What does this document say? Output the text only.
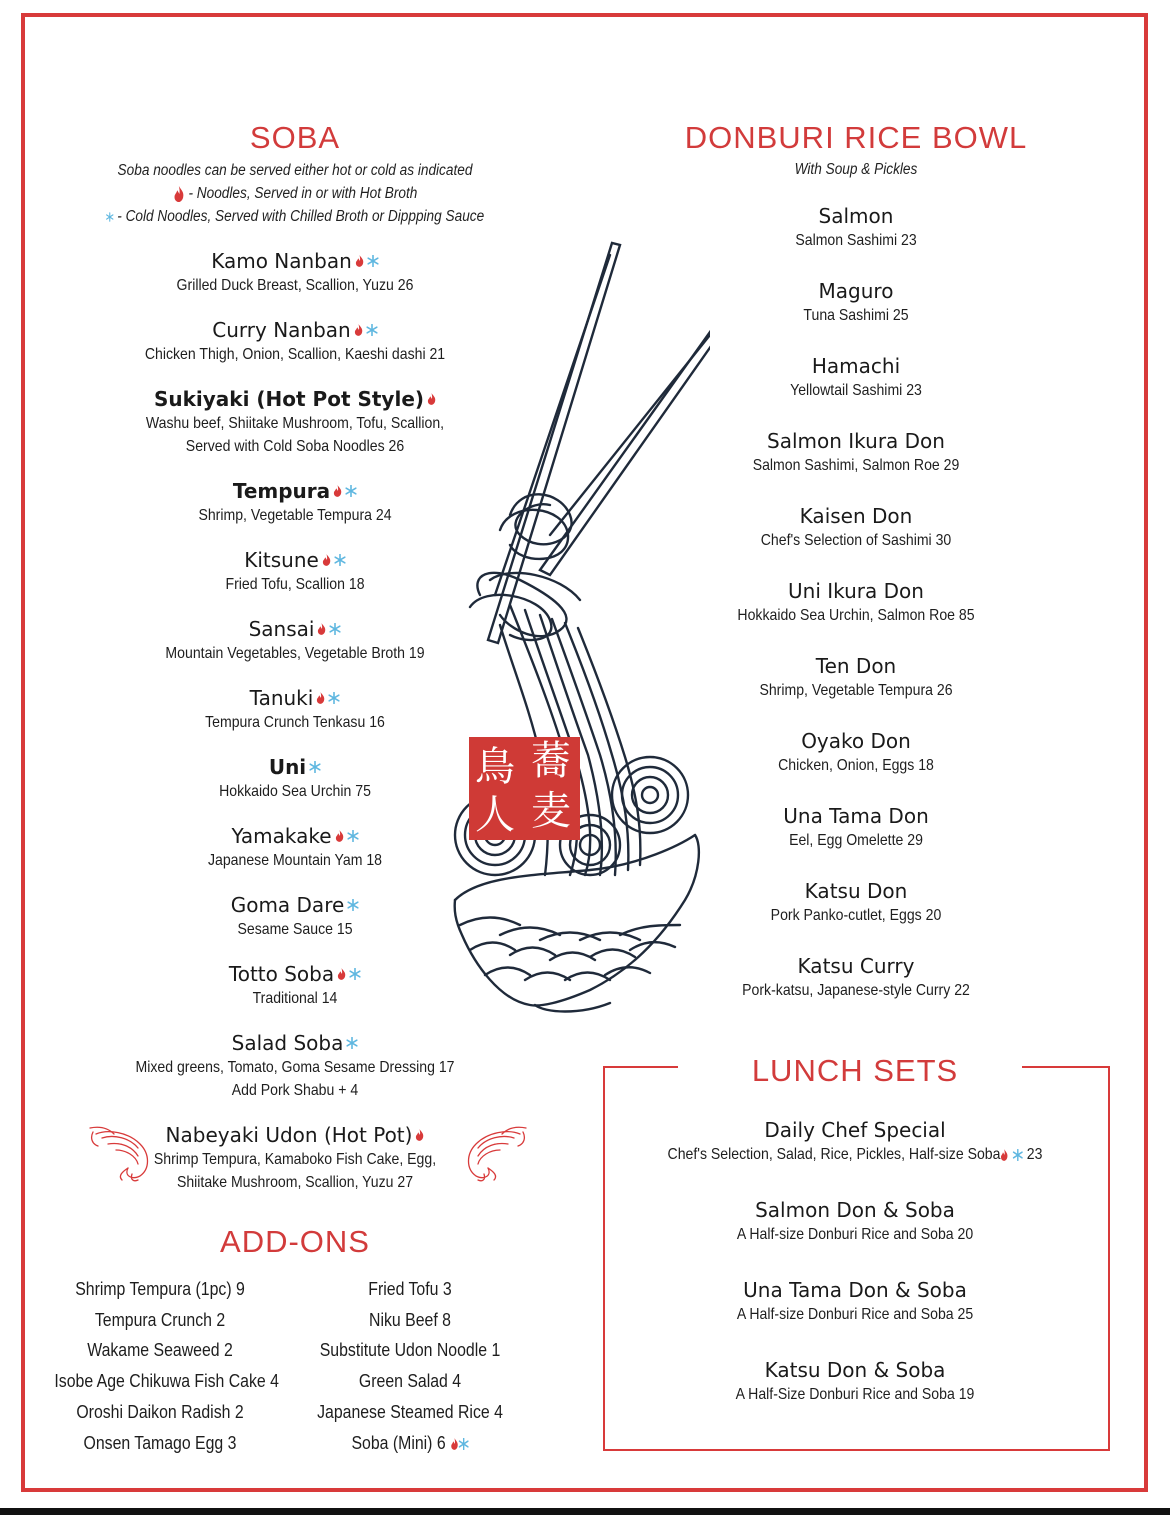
SOBA
Soba noodles can be served either hot or cold as indicated
- Noodles, Served in or with Hot Broth
- Cold Noodles, Served with Chilled Broth or Dippping Sauce
Kamo Nanban
Grilled Duck Breast, Scallion, Yuzu 26
Curry Nanban
Chicken Thigh, Onion, Scallion, Kaeshi dashi 21
Sukiyaki (Hot Pot Style)
Washu beef, Shiitake Mushroom, Tofu, Scallion,
Served with Cold Soba Noodles 26
Tempura
Shrimp, Vegetable Tempura 24
Kitsune
Fried Tofu, Scallion 18
Sansai
Mountain Vegetables, Vegetable Broth 19
Tanuki
Tempura Crunch Tenkasu 16
Uni
Hokkaido Sea Urchin 75
Yamakake
Japanese Mountain Yam 18
Goma Dare
Sesame Sauce 15
Totto Soba
Traditional 14
Salad Soba
Mixed greens, Tomato, Goma Sesame Dressing 17
Add Pork Shabu + 4
Nabeyaki Udon (Hot Pot)
Shrimp Tempura, Kamaboko Fish Cake, Egg,
Shiitake Mushroom, Scallion, Yuzu 27
DONBURI RICE BOWL
With Soup & Pickles
Salmon
Salmon Sashimi 23
Maguro
Tuna Sashimi 25
Hamachi
Yellowtail Sashimi 23
Salmon Ikura Don
Salmon Sashimi, Salmon Roe 29
Kaisen Don
Chef's Selection of Sashimi 30
Uni Ikura Don
Hokkaido Sea Urchin, Salmon Roe 85
Ten Don
Shrimp, Vegetable Tempura 26
Oyako Don
Chicken, Onion, Eggs 18
Una Tama Don
Eel, Egg Omelette 29
Katsu Don
Pork Panko-cutlet, Eggs 20
Katsu Curry
Pork-katsu, Japanese-style Curry 22
蕎
麦
鳥
人
ADD-ONS
Shrimp Tempura (1pc) 9
Tempura Crunch 2
Wakame Seaweed 2
Isobe Age Chikuwa Fish Cake 4
Oroshi Daikon Radish 2
Onsen Tamago Egg 3
Fried Tofu 3
Niku Beef 8
Substitute Udon Noodle 1
Green Salad 4
Japanese Steamed Rice 4
Soba (Mini) 6
LUNCH SETS
Daily Chef Special
Chef's Selection, Salad, Rice, Pickles, Half-size Soba 23
Salmon Don & Soba
A Half-size Donburi Rice and Soba 20
Una Tama Don & Soba
A Half-size Donburi Rice and Soba 25
Katsu Don & Soba
A Half-Size Donburi Rice and Soba 19
